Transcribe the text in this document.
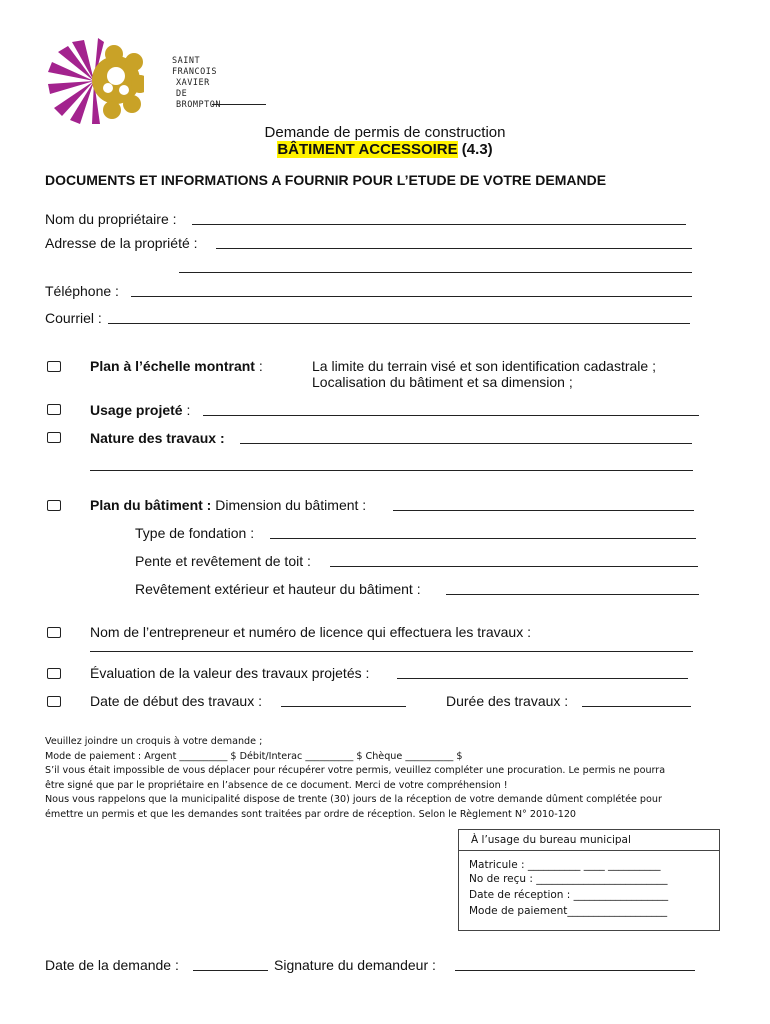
SAINT
FRANCOIS
XAVIER
DE
BROMPTON
Demande de permis de construction
BÂTIMENT ACCESSOIRE (4.3)
DOCUMENTS ET INFORMATIONS A FOURNIR POUR L’ETUDE DE VOTRE DEMANDE
Nom du propriétaire :
Adresse de la propriété :
Téléphone :
Courriel :
Plan à l’échelle montrant :	La limite du terrain visé et son identification cadastrale ;
Localisation du bâtiment et sa dimension ;
Usage projeté :
Nature des travaux :
Plan du bâtiment : Dimension du bâtiment :
Type de fondation :
Pente et revêtement de toit :
Revêtement extérieur et hauteur du bâtiment :
Nom de l’entrepreneur et numéro de licence qui effectuera les travaux :
Évaluation de la valeur des travaux projetés :
Date de début des travaux :	Durée des travaux :
Veuillez joindre un croquis à votre demande ;
Mode de paiement : Argent __________ $ Débit/Interac __________ $ Chèque __________ $
S’il vous était impossible de vous déplacer pour récupérer votre permis, veuillez compléter une procuration. Le permis ne pourra
être signé que par le propriétaire en l’absence de ce document. Merci de votre compréhension !
Nous vous rappelons que la municipalité dispose de trente (30) jours de la réception de votre demande dûment complétée pour
émettre un permis et que les demandes sont traitées par ordre de réception. Selon le Règlement N° 2010-120
À l’usage du bureau municipal
Matricule : __________ ____ __________
No de reçu : _________________________
Date de réception : __________________
Mode de paiement___________________
Date de la demande :	Signature du demandeur :
